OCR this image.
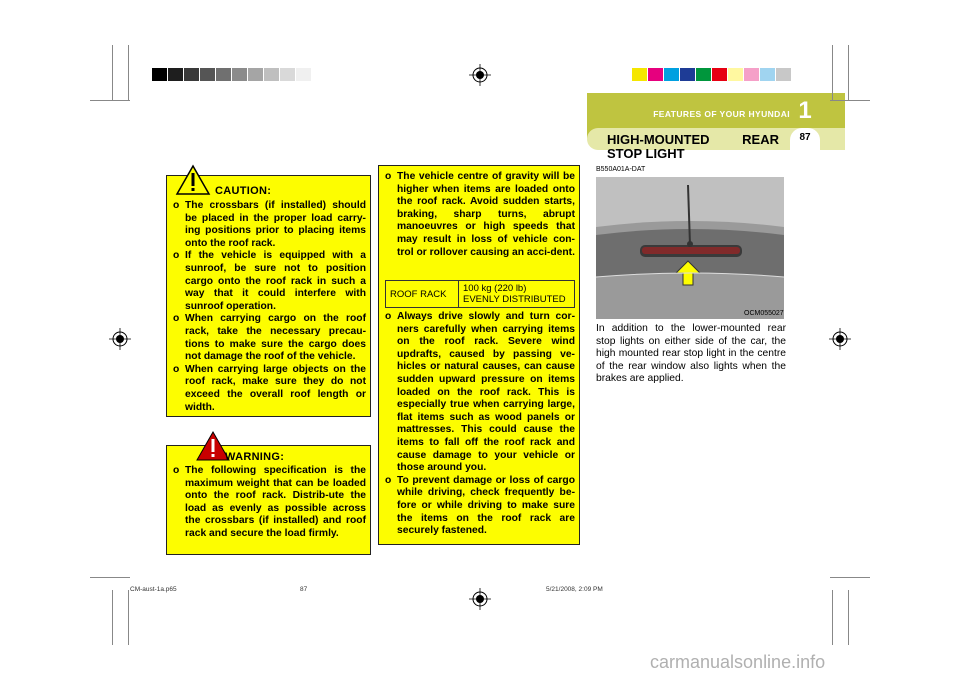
FEATURES OF YOUR HYUNDAI 1
87
HIGH-MOUNTED	REAR
STOP LIGHT
B550A01A-DAT
CAUTION:
o The crossbars (if installed) should be placed in the proper load carry-ing positions prior to placing items onto the roof rack.
o If the vehicle is equipped with a sunroof, be sure not to position cargo onto the roof rack in such a way that it could interfere with sunroof operation.
o When carrying cargo on the roof rack, take the necessary precau-tions to make sure the cargo does not damage the roof of the vehicle.
o When carrying large objects on the roof rack, make sure they do not exceed the overall roof length or width.
WARNING:
o The following specification is the maximum weight that can be loaded onto the roof rack. Distrib-ute the load as evenly as possible across the crossbars (if installed) and roof rack and secure the load firmly.
o The vehicle centre of gravity will be higher when items are loaded onto the roof rack. Avoid sudden starts, braking, sharp turns, abrupt manoeuvres or high speeds that may result in loss of vehicle con-trol or rollover causing an acci-dent.
o Always drive slowly and turn cor-ners carefully when carrying items on the roof rack. Severe wind updrafts, caused by passing ve-hicles or natural causes, can cause sudden upward pressure on items loaded on the roof rack. This is especially true when carrying large, flat items such as wood panels or mattresses. This could cause the items to fall off the roof rack and cause damage to your vehicle or those around you.
o To prevent damage or loss of cargo while driving, check frequently be-fore or while driving to make sure the items on the roof rack are securely fastened.
ROOF RACK	100 kg (220 lb)
EVENLY DISTRIBUTED
OCM055027
In addition to the lower-mounted rear stop lights on either side of the car, the high mounted rear stop light in the centre of the rear window also lights when the brakes are applied.
CM-aust-1a.p65	87	5/21/2008, 2:09 PM
carmanualsonline.info
